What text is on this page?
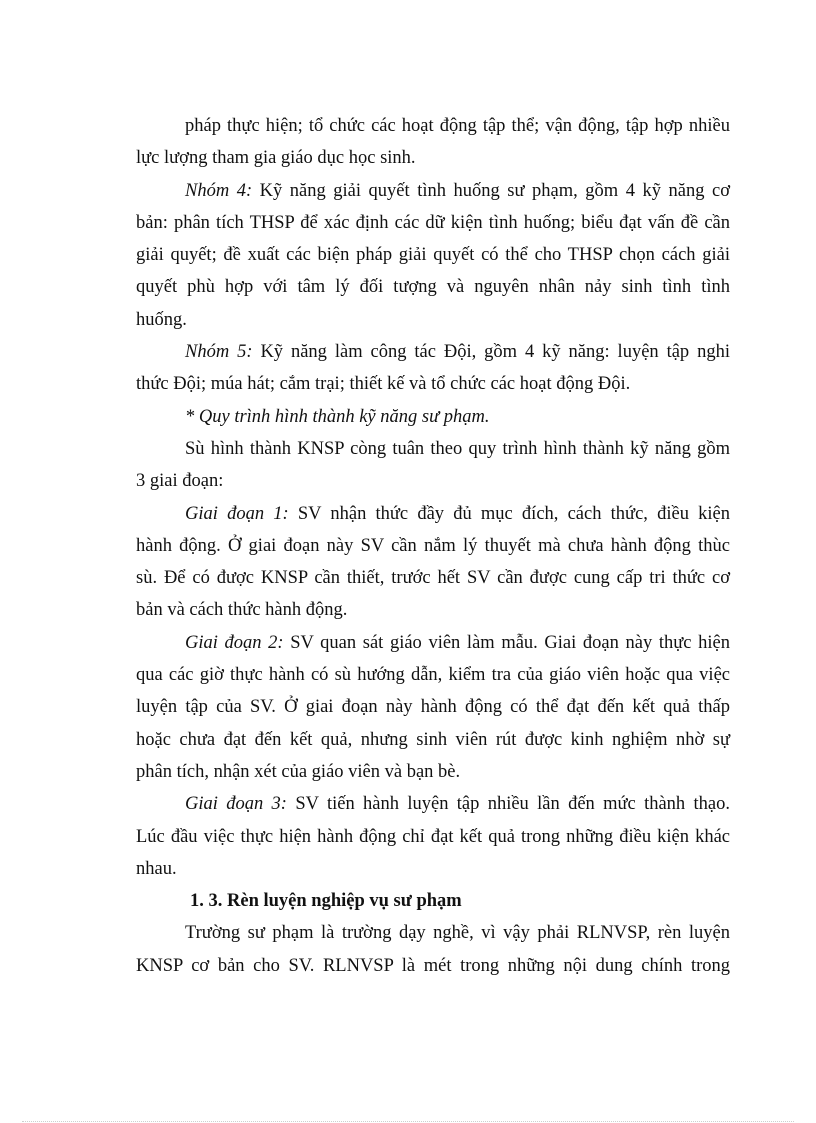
pháp thực hiện; tổ chức các hoạt động tập thể; vận động, tập hợp nhiều
lực lượng tham gia giáo dục học sinh.
Nhóm 4: Kỹ năng giải quyết tình huống sư phạm, gồm 4 kỹ năng cơ
bản: phân tích THSP để xác định các dữ kiện tình huống; biểu đạt vấn đề cần
giải quyết; đề xuất các biện pháp giải quyết có thể cho THSP chọn cách giải
quyết phù hợp với tâm lý đối tượng và nguyên nhân nảy sinh tình tình
huống.
Nhóm 5: Kỹ năng làm công tác Đội, gồm 4 kỹ năng: luyện tập nghi
thức Đội; múa hát; cắm trại; thiết kế và tổ chức các hoạt động Đội.
* Quy trình hình thành kỹ năng sư phạm.
Sù hình thành KNSP còng tuân theo quy trình hình thành kỹ năng gồm
3 giai đoạn:
Giai đoạn 1: SV nhận thức đầy đủ mục đích, cách thức, điều kiện
hành động. Ở giai đoạn này SV cần nắm lý thuyết mà chưa hành động thùc
sù. Để có được KNSP cần thiết, trước hết SV cần được cung cấp tri thức cơ
bản và cách thức hành động.
Giai đoạn 2: SV quan sát giáo viên làm mẫu. Giai đoạn này thực hiện
qua các giờ thực hành có sù hướng dẫn, kiểm tra của giáo viên hoặc qua việc
luyện tập của SV. Ở giai đoạn này hành động có thể đạt đến kết quả thấp
hoặc chưa đạt đến kết quả, nhưng sinh viên rút được kinh nghiệm nhờ sự
phân tích, nhận xét của giáo viên và bạn bè.
Giai đoạn 3: SV tiến hành luyện tập nhiều lần đến mức thành thạo.
Lúc đầu việc thực hiện hành động chỉ đạt kết quả trong những điều kiện khác
nhau.
1. 3. Rèn luyện nghiệp vụ sư phạm
Trường sư phạm là trường dạy nghề, vì vậy phải RLNVSP, rèn luyện
KNSP cơ bản cho SV. RLNVSP là mét trong những nội dung chính trong
